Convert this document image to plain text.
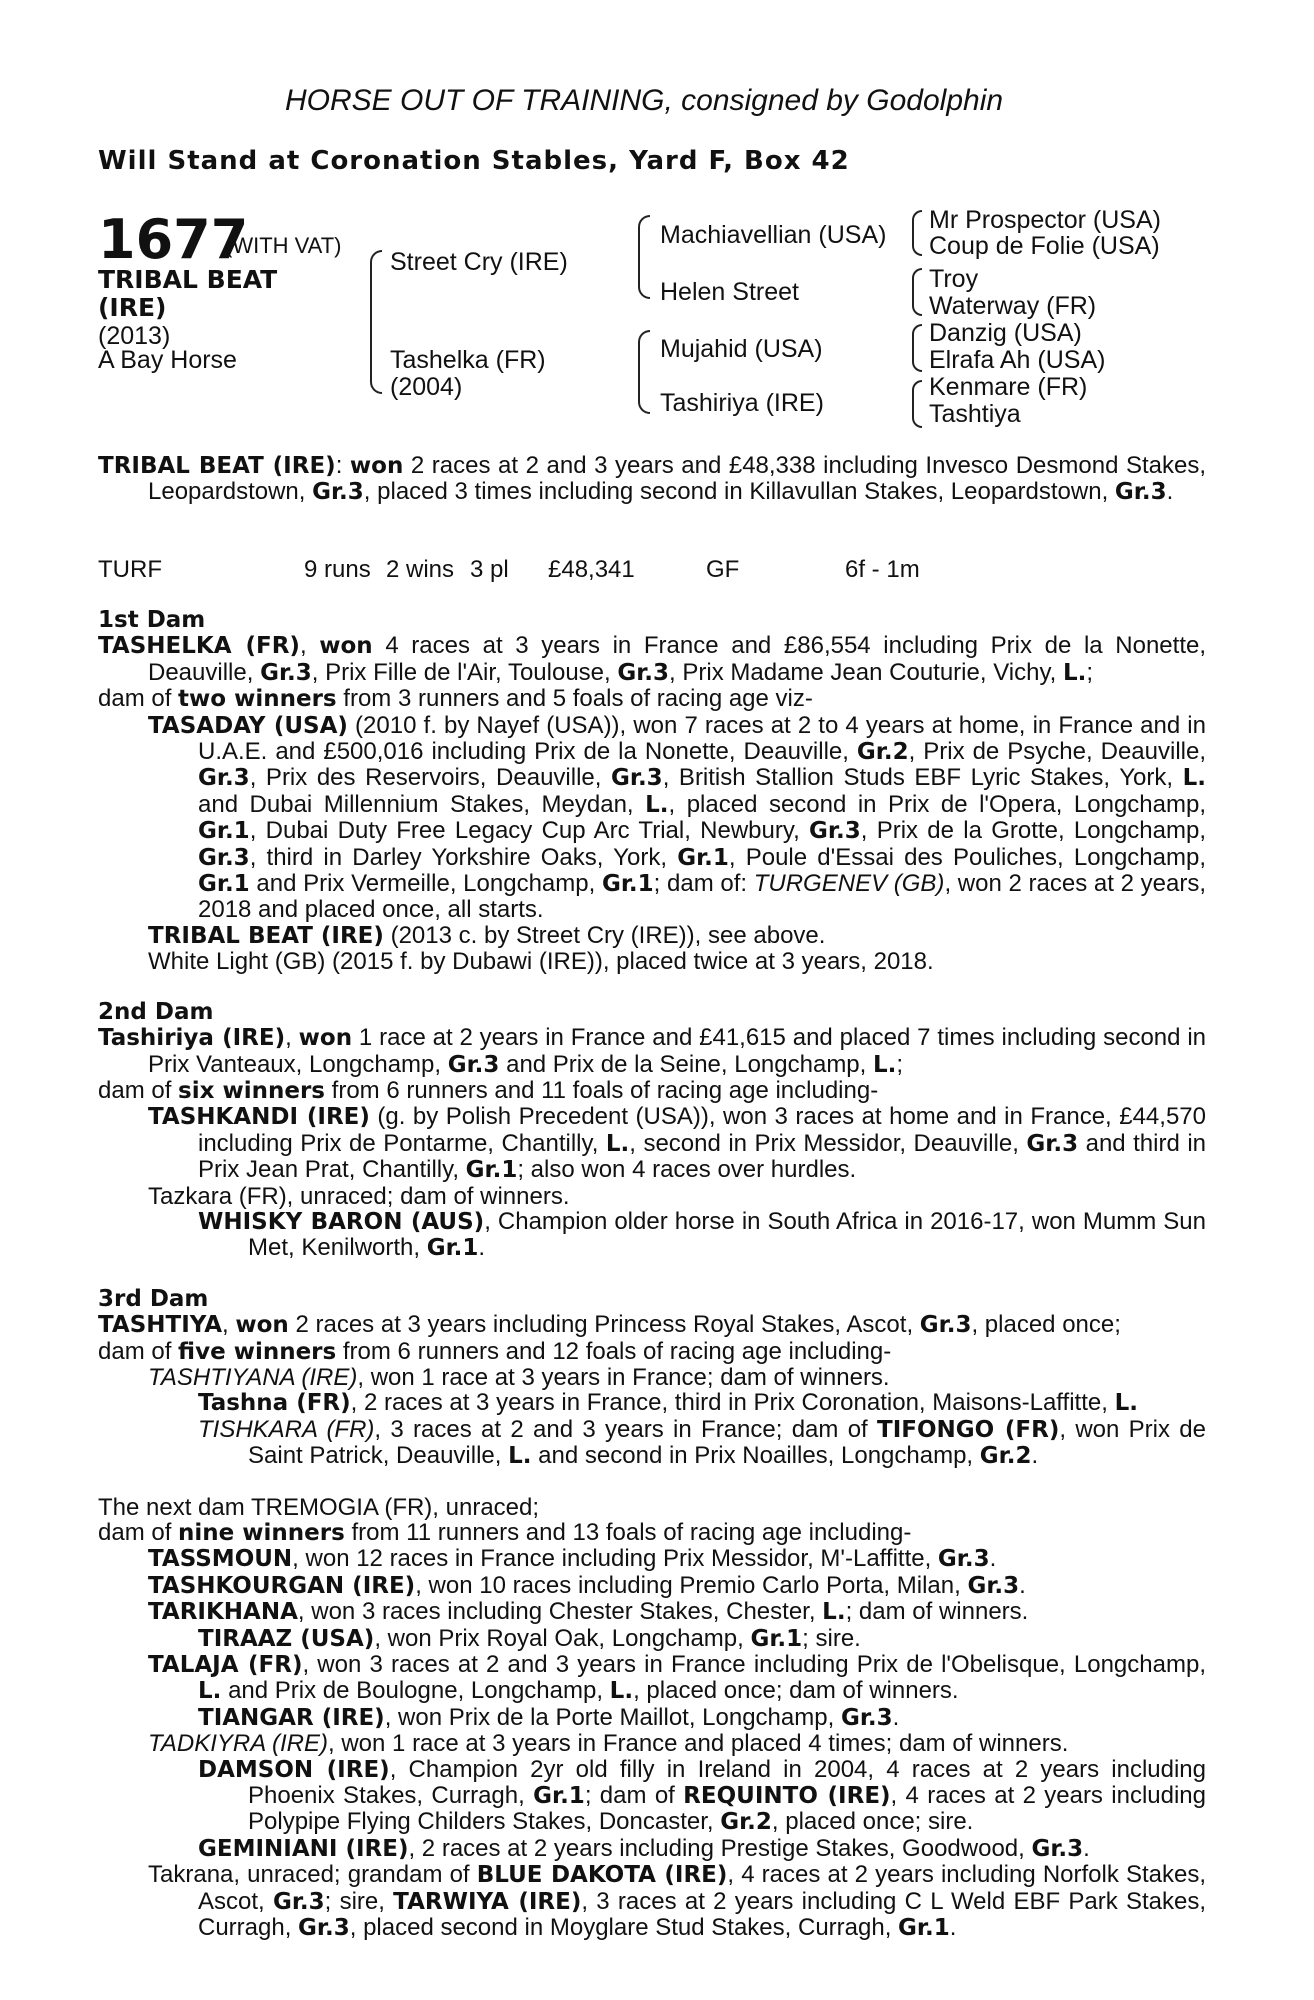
HORSE OUT OF TRAINING, consigned by Godolphin
Will Stand at Coronation Stables, Yard F, Box 42
1677
(WITH VAT)
TRIBAL BEAT
(IRE)
(2013)
A Bay Horse
Street Cry (IRE)
Tashelka (FR)
(2004)
Machiavellian (USA)
Helen Street
Mujahid (USA)
Tashiriya (IRE)
Mr Prospector (USA)
Coup de Folie (USA)
Troy
Waterway (FR)
Danzig (USA)
Elrafa Ah (USA)
Kenmare (FR)
Tashtiya

TRIBAL BEAT (IRE): won 2 races at 2 and 3 years and £48,338 including Invesco Desmond Stakes, Leopardstown, Gr.3, placed 3 times including second in Killavullan Stakes, Leopardstown, Gr.3.

TURF	9 runs 2 wins 3 pl £48,341	GF	6f - 1m

1st Dam

TASHELKA (FR), won 4 races at 3 years in France and £86,554 including Prix de la Nonette, Deauville, Gr.3, Prix Fille de l'Air, Toulouse, Gr.3, Prix Madame Jean Couturie, Vichy, L.;

dam of two winners from 3 runners and 5 foals of racing age viz-

TASADAY (USA) (2010 f. by Nayef (USA)), won 7 races at 2 to 4 years at home, in France and in U.A.E. and £500,016 including Prix de la Nonette, Deauville, Gr.2, Prix de Psyche, Deauville, Gr.3, Prix des Reservoirs, Deauville, Gr.3, British Stallion Studs EBF Lyric Stakes, York, L. and Dubai Millennium Stakes, Meydan, L., placed second in Prix de l'Opera, Longchamp, Gr.1, Dubai Duty Free Legacy Cup Arc Trial, Newbury, Gr.3, Prix de la Grotte, Longchamp, Gr.3, third in Darley Yorkshire Oaks, York, Gr.1, Poule d'Essai des Pouliches, Longchamp, Gr.1 and Prix Vermeille, Longchamp, Gr.1; dam of: TURGENEV (GB), won 2 races at 2 years, 2018 and placed once, all starts.

TRIBAL BEAT (IRE) (2013 c. by Street Cry (IRE)), see above.

White Light (GB) (2015 f. by Dubawi (IRE)), placed twice at 3 years, 2018.

2nd Dam

Tashiriya (IRE), won 1 race at 2 years in France and £41,615 and placed 7 times including second in Prix Vanteaux, Longchamp, Gr.3 and Prix de la Seine, Longchamp, L.;

dam of six winners from 6 runners and 11 foals of racing age including-

TASHKANDI (IRE) (g. by Polish Precedent (USA)), won 3 races at home and in France, £44,570 including Prix de Pontarme, Chantilly, L., second in Prix Messidor, Deauville, Gr.3 and third in Prix Jean Prat, Chantilly, Gr.1; also won 4 races over hurdles.

Tazkara (FR), unraced; dam of winners.

WHISKY BARON (AUS), Champion older horse in South Africa in 2016-17, won Mumm Sun Met, Kenilworth, Gr.1.

3rd Dam

TASHTIYA, won 2 races at 3 years including Princess Royal Stakes, Ascot, Gr.3, placed once;

dam of five winners from 6 runners and 12 foals of racing age including-

TASHTIYANA (IRE), won 1 race at 3 years in France; dam of winners.

Tashna (FR), 2 races at 3 years in France, third in Prix Coronation, Maisons-Laffitte, L.

TISHKARA (FR), 3 races at 2 and 3 years in France; dam of TIFONGO (FR), won Prix de Saint Patrick, Deauville, L. and second in Prix Noailles, Longchamp, Gr.2.

The next dam TREMOGIA (FR), unraced;

dam of nine winners from 11 runners and 13 foals of racing age including-

TASSMOUN, won 12 races in France including Prix Messidor, M'-Laffitte, Gr.3.

TASHKOURGAN (IRE), won 10 races including Premio Carlo Porta, Milan, Gr.3.

TARIKHANA, won 3 races including Chester Stakes, Chester, L.; dam of winners.

TIRAAZ (USA), won Prix Royal Oak, Longchamp, Gr.1; sire.

TALAJA (FR), won 3 races at 2 and 3 years in France including Prix de l'Obelisque, Longchamp, L. and Prix de Boulogne, Longchamp, L., placed once; dam of winners.

TIANGAR (IRE), won Prix de la Porte Maillot, Longchamp, Gr.3.

TADKIYRA (IRE), won 1 race at 3 years in France and placed 4 times; dam of winners.

DAMSON (IRE), Champion 2yr old filly in Ireland in 2004, 4 races at 2 years including Phoenix Stakes, Curragh, Gr.1; dam of REQUINTO (IRE), 4 races at 2 years including Polypipe Flying Childers Stakes, Doncaster, Gr.2, placed once; sire.

GEMINIANI (IRE), 2 races at 2 years including Prestige Stakes, Goodwood, Gr.3.

Takrana, unraced; grandam of BLUE DAKOTA (IRE), 4 races at 2 years including Norfolk Stakes, Ascot, Gr.3; sire, TARWIYA (IRE), 3 races at 2 years including C L Weld EBF Park Stakes, Curragh, Gr.3, placed second in Moyglare Stud Stakes, Curragh, Gr.1.
